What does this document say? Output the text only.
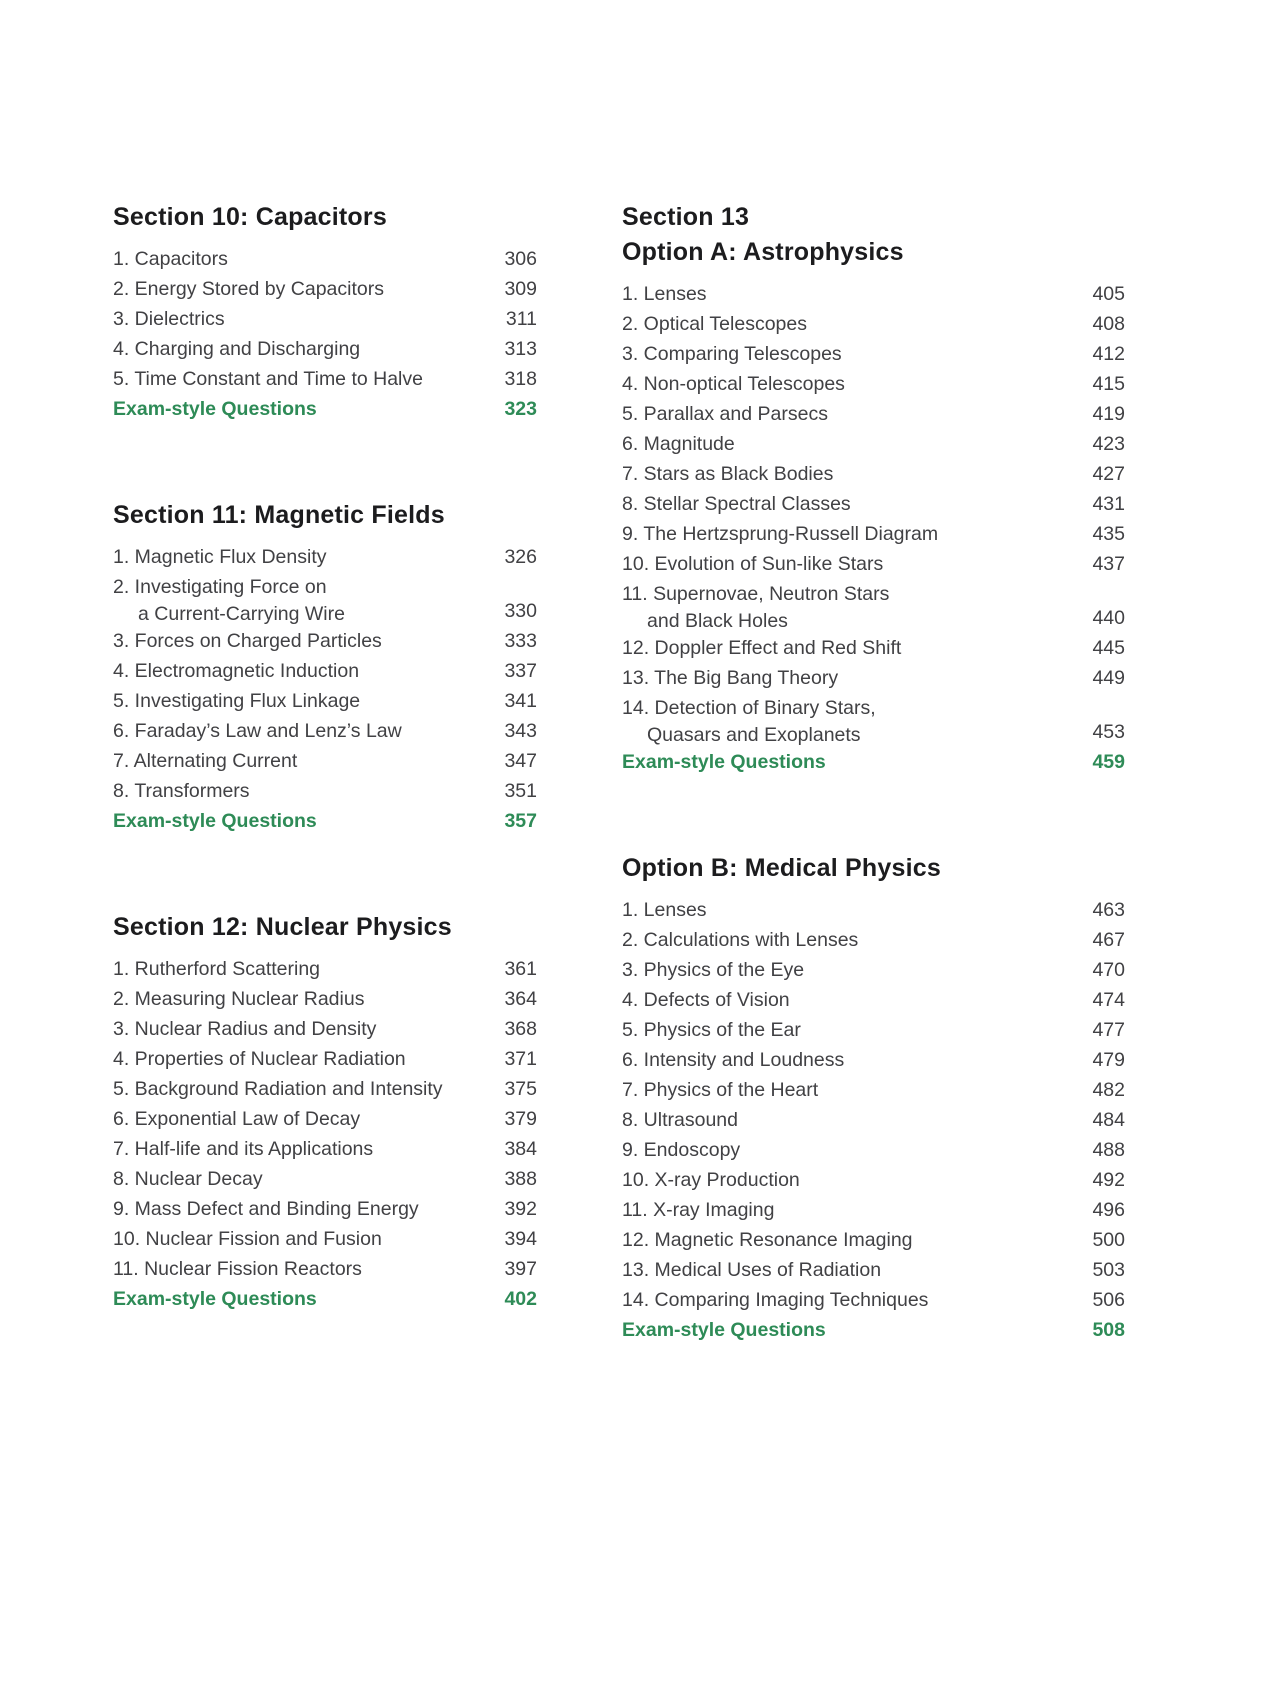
Section 10: Capacitors
1. Capacitors	306
2. Energy Stored by Capacitors	309
3. Dielectrics	311
4. Charging and Discharging	313
5. Time Constant and Time to Halve	318
Exam-style Questions	323
Section 11: Magnetic Fields
1. Magnetic Flux Density	326
2. Investigating Force on
a Current-Carrying Wire	330
3. Forces on Charged Particles	333
4. Electromagnetic Induction	337
5. Investigating Flux Linkage	341
6. Faraday’s Law and Lenz’s Law	343
7. Alternating Current	347
8. Transformers	351
Exam-style Questions	357
Section 12: Nuclear Physics
1. Rutherford Scattering	361
2. Measuring Nuclear Radius	364
3. Nuclear Radius and Density	368
4. Properties of Nuclear Radiation	371
5. Background Radiation and Intensity	375
6. Exponential Law of Decay	379
7. Half-life and its Applications	384
8. Nuclear Decay	388
9. Mass Defect and Binding Energy	392
10. Nuclear Fission and Fusion	394
11. Nuclear Fission Reactors	397
Exam-style Questions	402
Section 13
Option A: Astrophysics
1. Lenses	405
2. Optical Telescopes	408
3. Comparing Telescopes	412
4. Non-optical Telescopes	415
5. Parallax and Parsecs	419
6. Magnitude	423
7. Stars as Black Bodies	427
8. Stellar Spectral Classes	431
9. The Hertzsprung-Russell Diagram	435
10. Evolution of Sun-like Stars	437
11. Supernovae, Neutron Stars
and Black Holes	440
12. Doppler Effect and Red Shift	445
13. The Big Bang Theory	449
14. Detection of Binary Stars,
Quasars and Exoplanets	453
Exam-style Questions	459
Option B: Medical Physics
1. Lenses	463
2. Calculations with Lenses	467
3. Physics of the Eye	470
4. Defects of Vision	474
5. Physics of the Ear	477
6. Intensity and Loudness	479
7. Physics of the Heart	482
8. Ultrasound	484
9. Endoscopy	488
10. X-ray Production	492
11. X-ray Imaging	496
12. Magnetic Resonance Imaging	500
13. Medical Uses of Radiation	503
14. Comparing Imaging Techniques	506
Exam-style Questions	508
